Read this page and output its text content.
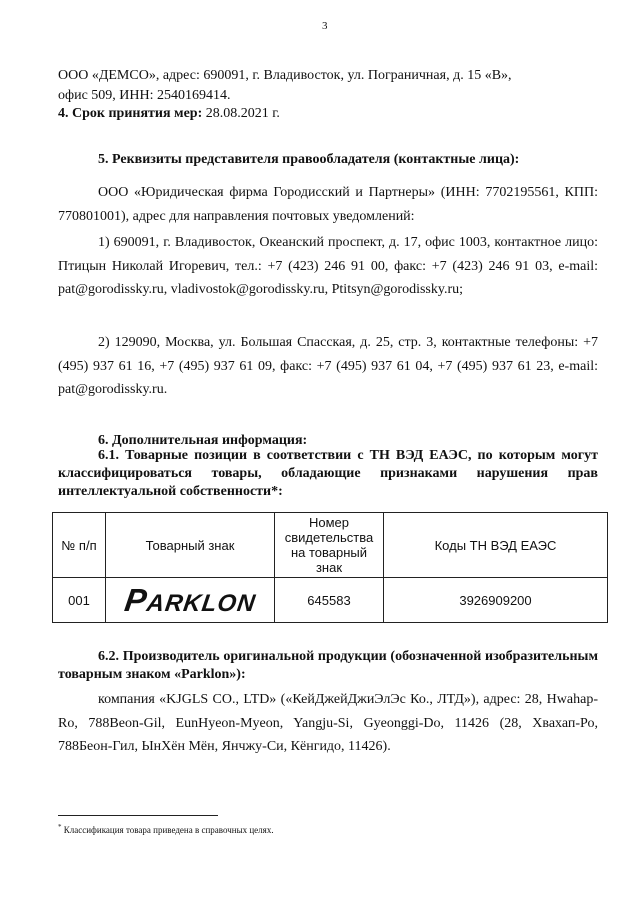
3

ООО «ДЕМСО», адрес: 690091, г. Владивосток, ул. Пограничная, д. 15 «В»,

офис 509, ИНН: 2540169414.

4. Срок принятия мер: 28.08.2021 г.

5. Реквизиты представителя правообладателя (контактные лица):

ООО «Юридическая фирма Городисский и Партнеры» (ИНН: 7702195561, КПП: 770801001), адрес для направления почтовых уведомлений:

1) 690091, г. Владивосток, Океанский проспект, д. 17, офис 1003, контактное лицо: Птицын Николай Игоревич, тел.: +7 (423) 246 91 00, факс: +7 (423) 246 91 03, e-mail: pat@gorodissky.ru, vladivostok@gorodissky.ru, Ptitsyn@gorodissky.ru;

2) 129090, Москва, ул. Большая Спасская, д. 25, стр. 3, контактные телефоны: +7 (495) 937 61 16, +7 (495) 937 61 09, факс: +7 (495) 937 61 04, +7 (495) 937 61 23, e-mail: pat@gorodissky.ru.

6. Дополнительная информация:

6.1. Товарные позиции в соответствии с ТН ВЭД ЕАЭС, по которым могут классифицироваться товары, обладающие признаками нарушения прав интеллектуальной собственности*:

№ п/п	Товарный знак	Номер свидетельства на товарный знак	Коды ТН ВЭД ЕАЭС
001	PARKLON	645583	3926909200

6.2. Производитель оригинальной продукции (обозначенной изобразительным товарным знаком «Parklon»):

компания «KJGLS CO., LTD» («КейДжейДжиЭлЭс Ко., ЛТД»), адрес: 28, Hwahap-Ro, 788Beon-Gil, EunHyeon-Myeon, Yangju-Si, Gyeonggi-Do, 11426 (28, Хвахап-Ро, 788Беон-Гил, ЫнХён Мён, Янчжу-Си, Кёнгидо, 11426).

* Классификация товара приведена в справочных целях.
